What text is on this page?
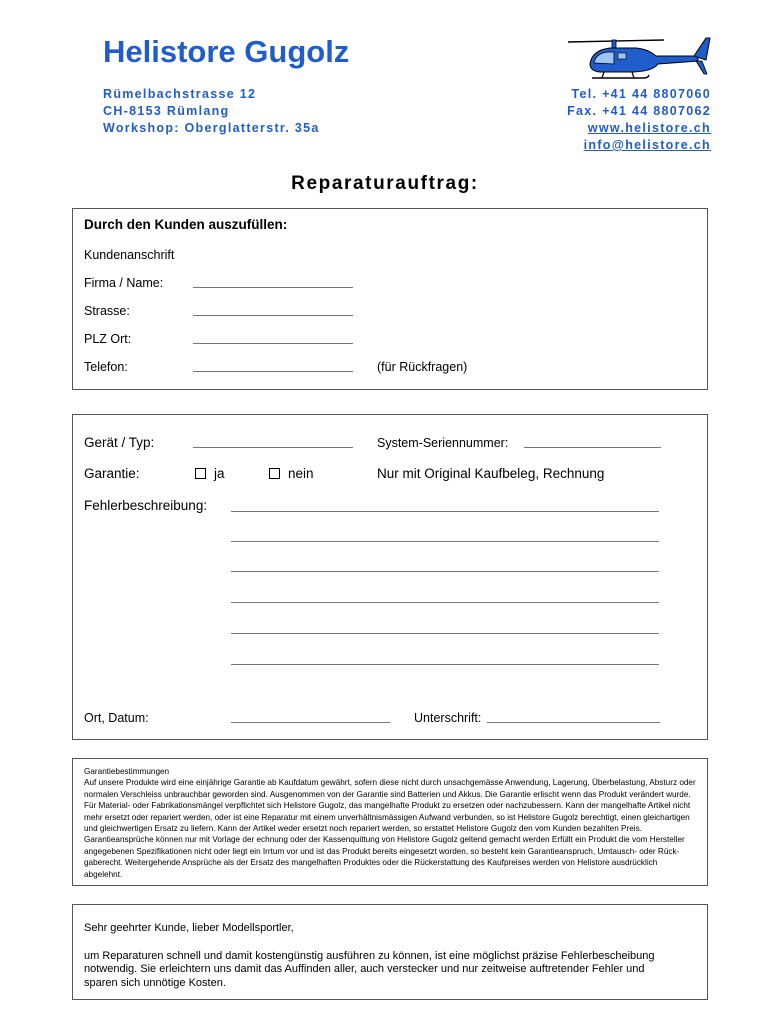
Helistore Gugolz
Rümelbachstrasse 12
CH-8153 Rümlang
Workshop: Oberglatterstr. 35a
Tel. +41 44 8807060
Fax. +41 44 8807062
www.helistore.ch
info@helistore.ch
Reparaturauftrag:
Durch den Kunden auszufüllen:
Kundenanschrift
Firma / Name:
Strasse:
PLZ Ort:
Telefon:	(für Rückfragen)
Gerät / Typ:	System-Seriennummer:
Garantie:	ja	nein	Nur mit Original Kaufbeleg, Rechnung
Fehlerbeschreibung:
Ort, Datum:	Unterschrift:
Garantiebestimmungen
Auf unsere Produkte wird eine einjährige Garantie ab Kaufdatum gewährt, sofern diese nicht durch unsachgemässe Anwendung, Lagerung, Überbelastung, Absturz oder normalen Verschleiss unbrauchbar geworden sind. Ausgenommen von der Garantie sind Batterien und Akkus. Die Garantie erlischt wenn das Produkt verändert wurde. Für Material- oder Fabrikationsmängel verpflichtet sich Helistore Gugolz, das mangelhafte Produkt zu ersetzen oder nachzubessern. Kann der mangelhafte Artikel nicht mehr ersetzt oder repariert werden, oder ist eine Reparatur mit einem unverhältnismässigen Aufwand verbunden, so ist Helistore Gugolz berechtigt, einen gleichartigen und gleichwertigen Ersatz zu liefern. Kann der Artikel weder ersetzt noch repariert werden, so erstattet Helistore Gugolz den vom Kunden bezahlten Preis. Garantieansprüche können nur mit Vorlage der echnung oder der Kassenquittung von Helistore Gugolz geltend gemacht werden Erfüllt ein Produkt die vom Hersteller angegebenen Spezifikationen nicht oder liegt ein Irrtum vor und ist das Produkt bereits eingesetzt worden, so besteht kein Garantieanspruch, Umtausch- oder Rück-gaberecht. Weitergehende Ansprüche als der Ersatz des mangelhaften Produktes oder die Rückerstattung des Kaufpreises werden von Helistore ausdrücklich abgelehnt.
Sehr geehrter Kunde, lieber Modellsportler,
um Reparaturen schnell und damit kostengünstig ausführen zu können, ist eine möglichst präzise Fehlerbescheibung notwendig. Sie erleichtern uns damit das Auffinden aller, auch verstecker und nur zeitweise auftretender Fehler und sparen sich unnötige Kosten.
